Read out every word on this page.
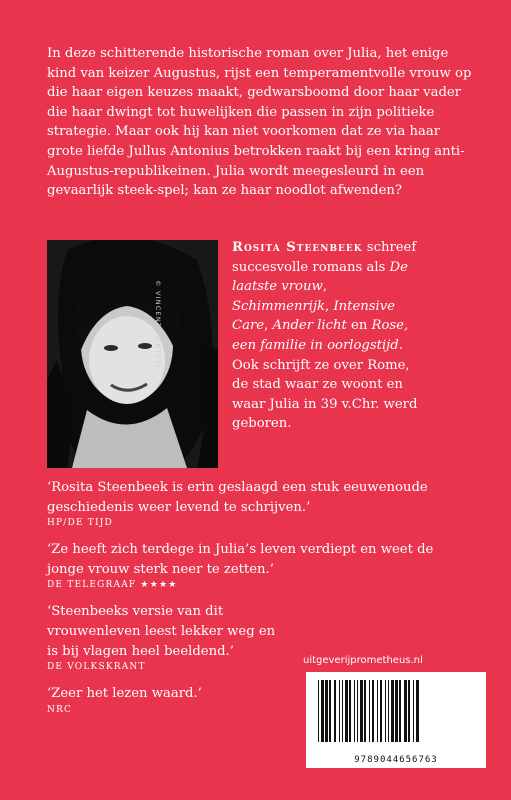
In deze schitterende historische roman over Julia, het enige kind van keizer Augustus, rijst een temperamentvolle vrouw op die haar eigen keuzes maakt, gedwarsboomd door haar vader die haar dwingt tot huwelijken die passen in zijn politieke strategie. Maar ook hij kan niet voorkomen dat ze via haar grote liefde Jullus Antonius betrokken raakt bij een kring anti-Augustus-republikeinen. Julia wordt meegesleurd in een gevaarlijk steek-spel; kan ze haar noodlot afwenden?

© VINCENT MENTZEL

Rosita Steenbeek schreef succesvolle romans als De laatste vrouw, Schimmenrijk, Intensive Care, Ander licht en Rose, een familie in oorlogstijd. Ook schrijft ze over Rome, de stad waar ze woont en waar Julia in 39 v.Chr. werd geboren.

‘Rosita Steenbeek is erin geslaagd een stuk eeuwenoude geschiedenis weer levend te schrijven.’

HP/DE TIJD

‘Ze heeft zich terdege in Julia’s leven verdiept en weet de jonge vrouw sterk neer te zetten.’

DE TELEGRAAF ★★★★

‘Steenbeeks versie van dit vrouwenleven leest lekker weg en is bij vlagen heel beeldend.’

DE VOLKSKRANT

‘Zeer het lezen waard.’

NRC

uitgeverijprometheus.nl
9789044656763
